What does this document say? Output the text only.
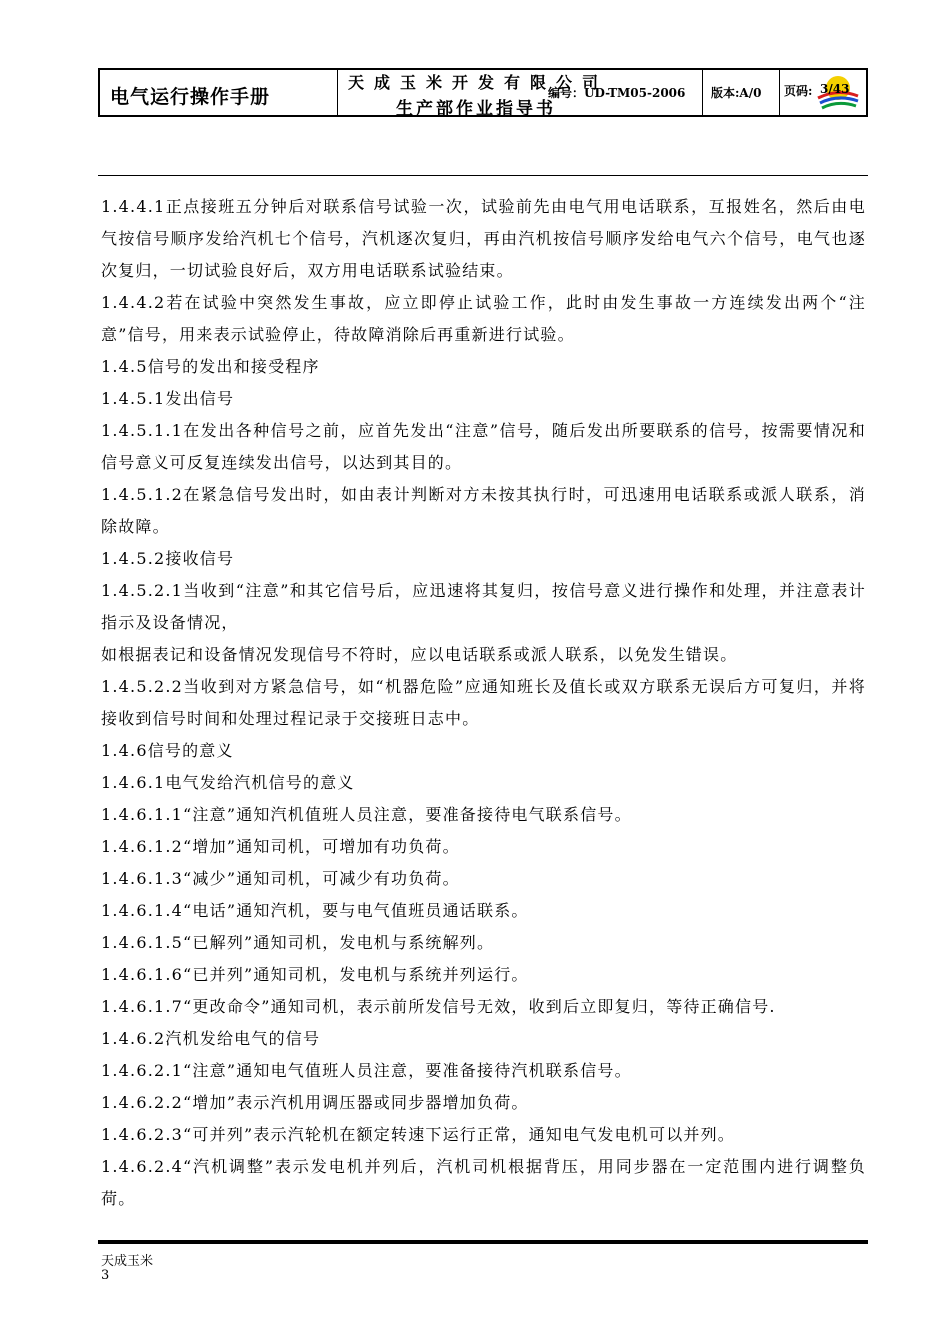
电气运行操作手册
天成玉米开发有限公司
生产部作业指导书
编号：UD-TM05-2006 版本:A/0 页码: 3/43

1.4.4.1正点接班五分钟后对联系信号试验一次，试验前先由电气用电话联系，互报姓名，然后由电气按信号顺序发给汽机七个信号，汽机逐次复归，再由汽机按信号顺序发给电气六个信号，电气也逐次复归，一切试验良好后，双方用电话联系试验结束。

1.4.4.2若在试验中突然发生事故，应立即停止试验工作，此时由发生事故一方连续发出两个“注意”信号，用来表示试验停止，待故障消除后再重新进行试验。

1.4.5信号的发出和接受程序

1.4.5.1发出信号

1.4.5.1.1在发出各种信号之前，应首先发出“注意”信号，随后发出所要联系的信号，按需要情况和信号意义可反复连续发出信号，以达到其目的。

1.4.5.1.2在紧急信号发出时，如由表计判断对方未按其执行时，可迅速用电话联系或派人联系，消除故障。

1.4.5.2接收信号

1.4.5.2.1当收到“注意”和其它信号后，应迅速将其复归，按信号意义进行操作和处理，并注意表计指示及设备情况，

如根据表记和设备情况发现信号不符时，应以电话联系或派人联系，以免发生错误。

1.4.5.2.2当收到对方紧急信号，如“机器危险”应通知班长及值长或双方联系无误后方可复归，并将接收到信号时间和处理过程记录于交接班日志中。

1.4.6信号的意义

1.4.6.1电气发给汽机信号的意义

1.4.6.1.1“注意”通知汽机值班人员注意，要准备接待电气联系信号。

1.4.6.1.2“增加”通知司机，可增加有功负荷。

1.4.6.1.3“减少”通知司机，可减少有功负荷。

1.4.6.1.4“电话”通知汽机，要与电气值班员通话联系。

1.4.6.1.5“已解列”通知司机，发电机与系统解列。

1.4.6.1.6“已并列”通知司机，发电机与系统并列运行。

1.4.6.1.7“更改命令”通知司机，表示前所发信号无效，收到后立即复归，等待正确信号.

1.4.6.2汽机发给电气的信号

1.4.6.2.1“注意”通知电气值班人员注意，要准备接待汽机联系信号。

1.4.6.2.2“增加”表示汽机用调压器或同步器增加负荷。

1.4.6.2.3“可并列”表示汽轮机在额定转速下运行正常，通知电气发电机可以并列。

1.4.6.2.4“汽机调整”表示发电机并列后，汽机司机根据背压，用同步器在一定范围内进行调整负荷。

天成玉米
3
